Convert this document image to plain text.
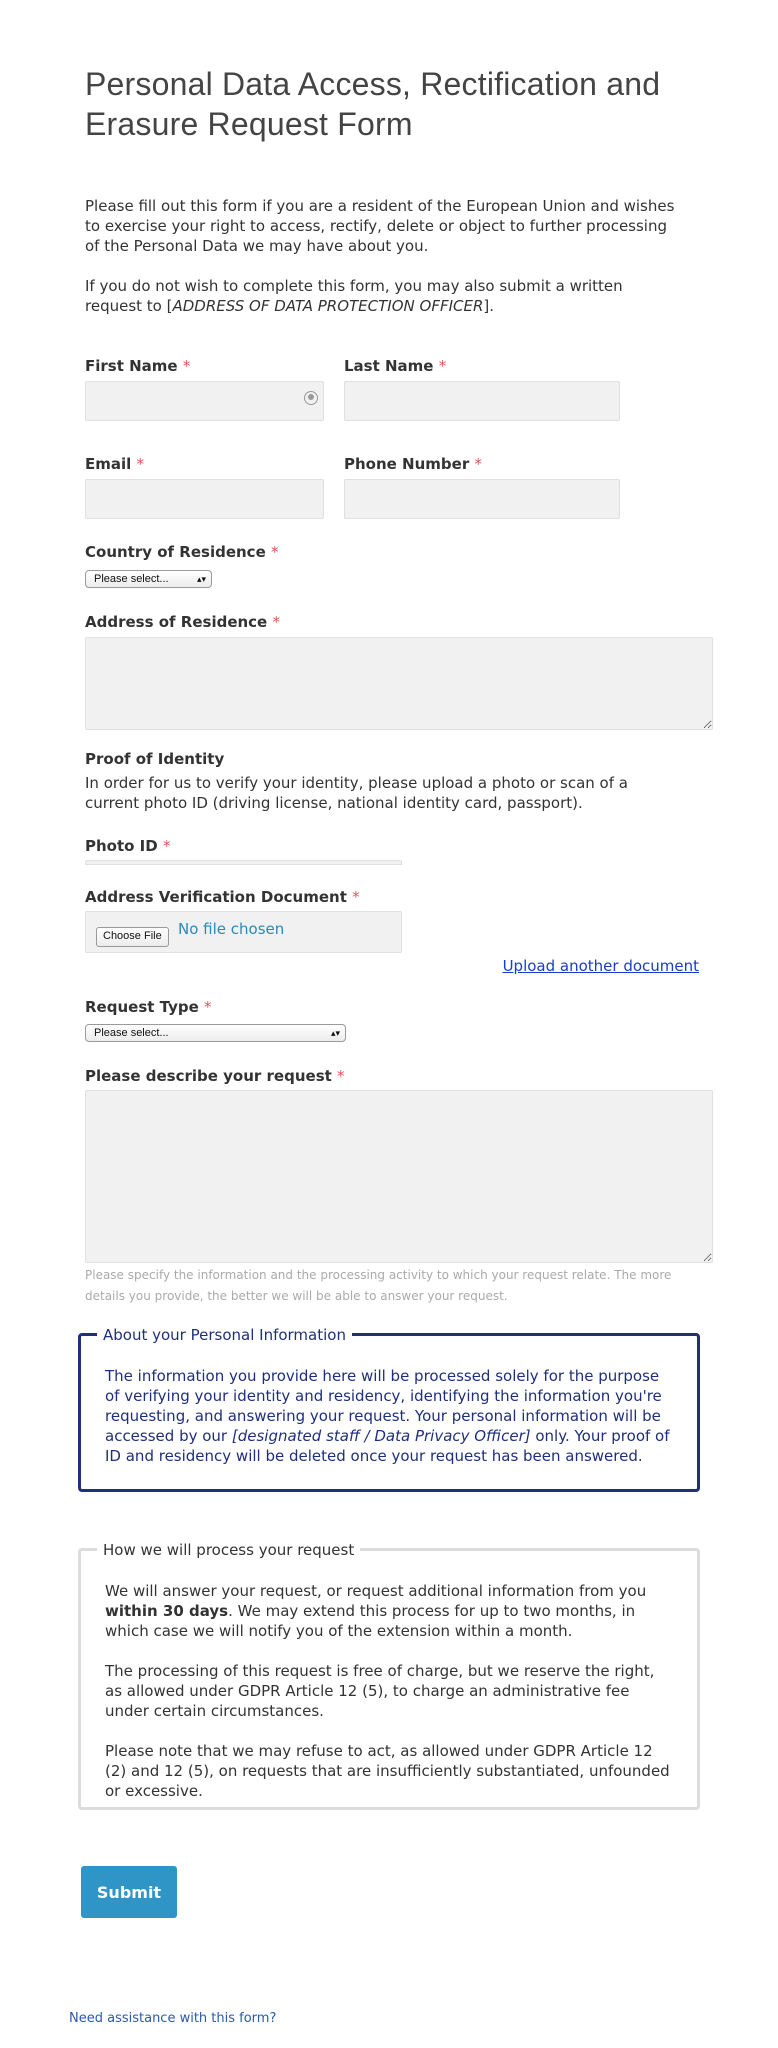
Personal Data Access, Rectification and Erasure Request Form

Please fill out this form if you are a resident of the European Union and wishes to exercise your right to access, rectify, delete or object to further processing of the Personal Data we may have about you.

If you do not wish to complete this form, you may also submit a written request to [ADDRESS OF DATA PROTECTION OFFICER].

First Name *	Last Name *
Email *	Phone Number *
Country of Residence *
Please select...	▴▾
Address of Residence *
Proof of Identity
In order for us to verify your identity, please upload a photo or scan of a current photo ID (driving license, national identity card, passport).
Photo ID *
Address Verification Document *
Choose File	No file chosen
Upload another document
Request Type *
Please select...	▴▾
Please describe your request *
Please specify the information and the processing activity to which your request relate. The more details you provide, the better we will be able to answer your request.
About your Personal Information
The information you provide here will be processed solely for the purpose of verifying your identity and residency, identifying the information you're requesting, and answering your request. Your personal information will be accessed by our [designated staff / Data Privacy Officer] only. Your proof of ID and residency will be deleted once your request has been answered.
How we will process your request

We will answer your request, or request additional information from you within 30 days. We may extend this process for up to two months, in which case we will notify you of the extension within a month.

The processing of this request is free of charge, but we reserve the right, as allowed under GDPR Article 12 (5), to charge an administrative fee under certain circumstances.

Please note that we may refuse to act, as allowed under GDPR Article 12 (2) and 12 (5), on requests that are insufficiently substantiated, unfounded or excessive.

Submit
Need assistance with this form?
